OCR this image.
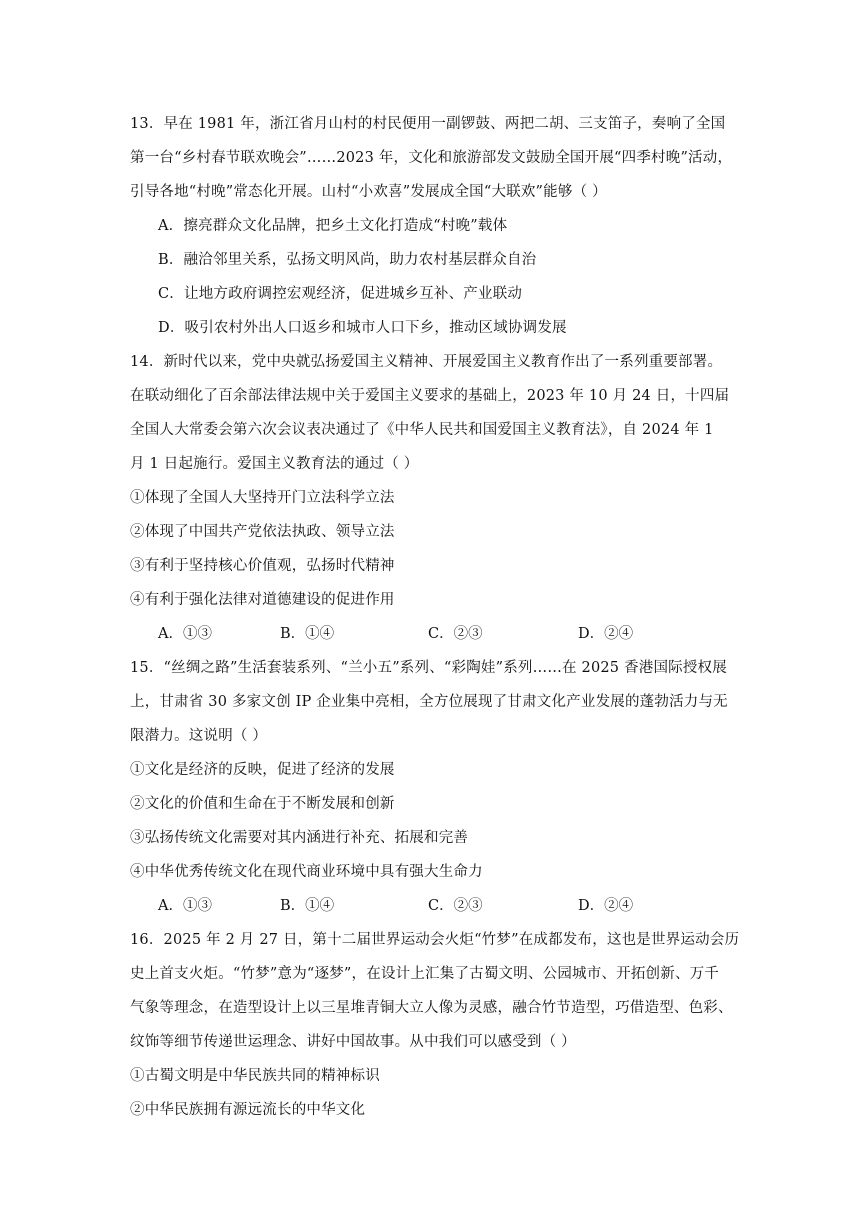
13．早在 1981 年，浙江省月山村的村民便用一副锣鼓、两把二胡、三支笛子，奏响了全国
第一台“乡村春节联欢晚会”……2023 年，文化和旅游部发文鼓励全国开展“四季村晚”活动，
引导各地“村晚”常态化开展。山村“小欢喜”发展成全国“大联欢”能够（ ）
A．擦亮群众文化品牌，把乡土文化打造成“村晚”载体
B．融洽邻里关系，弘扬文明风尚，助力农村基层群众自治
C．让地方政府调控宏观经济，促进城乡互补、产业联动
D．吸引农村外出人口返乡和城市人口下乡，推动区域协调发展
14．新时代以来，党中央就弘扬爱国主义精神、开展爱国主义教育作出了一系列重要部署。
在联动细化了百余部法律法规中关于爱国主义要求的基础上，2023 年 10 月 24 日，十四届
全国人大常委会第六次会议表决通过了《中华人民共和国爱国主义教育法》，自 2024 年 1
月 1 日起施行。爱国主义教育法的通过（ ）
①体现了全国人大坚持开门立法科学立法
②体现了中国共产党依法执政、领导立法
③有利于坚持核心价值观，弘扬时代精神
④有利于强化法律对道德建设的促进作用
A．①③	B．①④	C．②③	D．②④
15．“丝绸之路”生活套装系列、“兰小五”系列、“彩陶娃”系列……在 2025 香港国际授权展
上，甘肃省 30 多家文创 IP 企业集中亮相，全方位展现了甘肃文化产业发展的蓬勃活力与无
限潜力。这说明（ ）
①文化是经济的反映，促进了经济的发展
②文化的价值和生命在于不断发展和创新
③弘扬传统文化需要对其内涵进行补充、拓展和完善
④中华优秀传统文化在现代商业环境中具有强大生命力
A．①③	B．①④	C．②③	D．②④
16．2025 年 2 月 27 日，第十二届世界运动会火炬“竹梦”在成都发布，这也是世界运动会历
史上首支火炬。“竹梦”意为“逐梦”，在设计上汇集了古蜀文明、公园城市、开拓创新、万千
气象等理念，在造型设计上以三星堆青铜大立人像为灵感，融合竹节造型，巧借造型、色彩、
纹饰等细节传递世运理念、讲好中国故事。从中我们可以感受到（ ）
①古蜀文明是中华民族共同的精神标识
②中华民族拥有源远流长的中华文化
